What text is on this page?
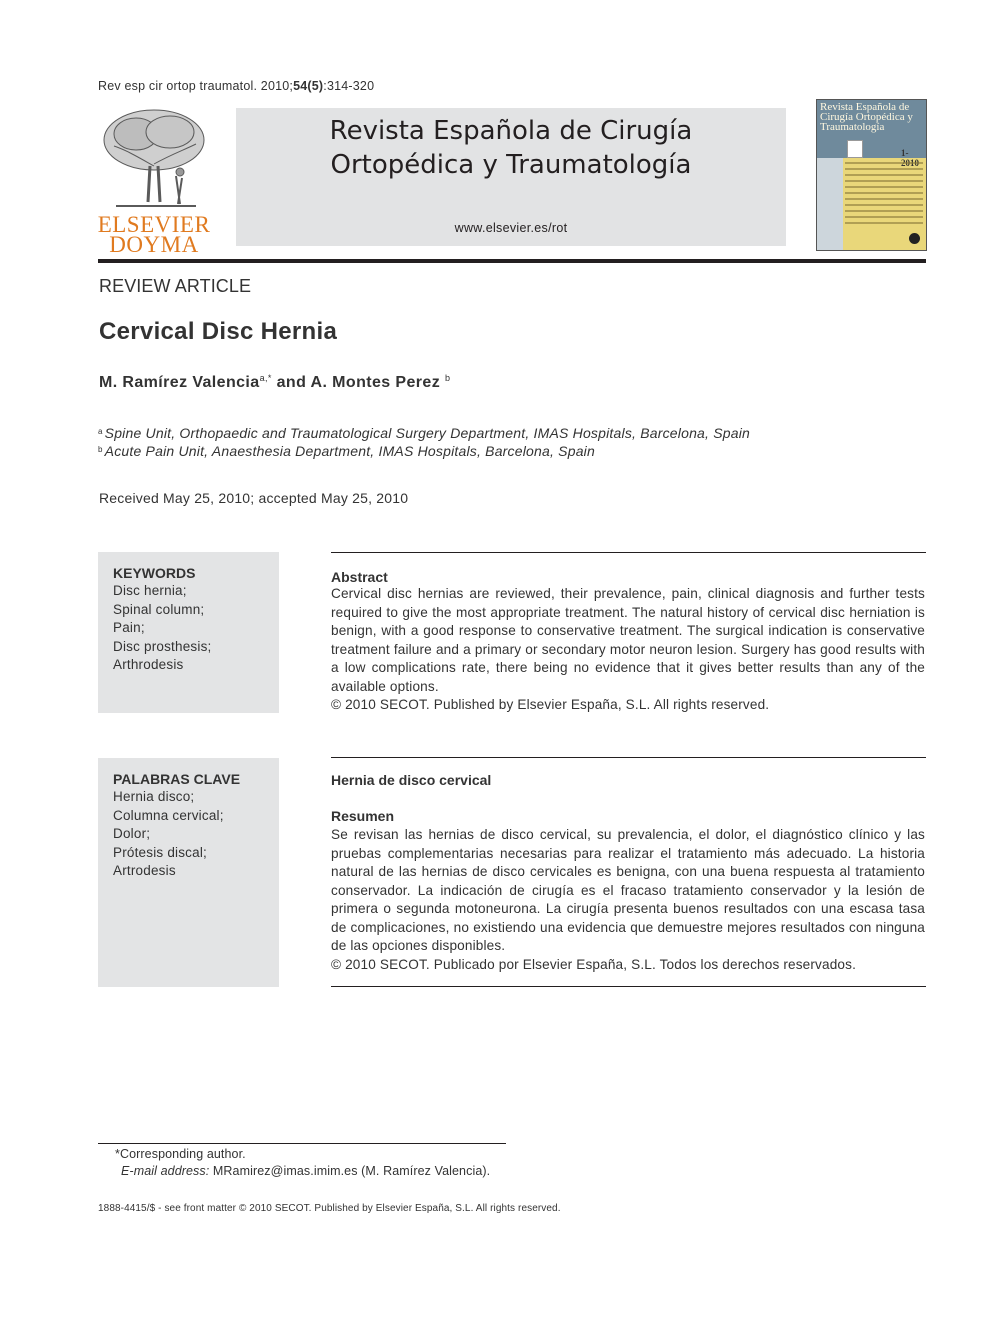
Rev esp cir ortop traumatol. 2010;54(5):314-320
ELSEVIER
DOYMA
Revista Española de Cirugía
Ortopédica y Traumatología
www.elsevier.es/rot
Revista Española de Cirugía Ortopédica y Traumatología
1-
REVIEW ARTICLE
Cervical Disc Hernia
M. Ramírez Valencia$^{a,*}$ and A. Montes Perez $^b$
$^a$ Spine Unit, Orthopaedic and Traumatological Surgery Department, IMAS Hospitals, Barcelona, Spain
$^b$ Acute Pain Unit, Anaesthesia Department, IMAS Hospitals, Barcelona, Spain
Received May 25, 2010; accepted May 25, 2010
KEYWORDS
Disc hernia;
Spinal column;
Pain;
Disc prosthesis;
Arthrodesis
Abstract
Cervical disc hernias are reviewed, their prevalence, pain, clinical diagnosis and further tests required to give the most appropriate treatment. The natural history of cervical disc herniation is benign, with a good response to conservative treatment. The surgical indication is conservative treatment failure and a primary or secondary motor neuron lesion. Surgery has good results with a low complications rate, there being no evidence that it gives better results than any of the available options.
© 2010 SECOT. Published by Elsevier España, S.L. All rights reserved.
PALABRAS CLAVE
Hernia disco;
Columna cervical;
Dolor;
Prótesis discal;
Artrodesis
Hernia de disco cervical
Resumen
Se revisan las hernias de disco cervical, su prevalencia, el dolor, el diagnóstico clínico y las pruebas complementarias necesarias para realizar el tratamiento más adecuado. La historia natural de las hernias de disco cervicales es benigna, con una buena respuesta al tratamiento conservador. La indicación de cirugía es el fracaso tratamiento conservador y la lesión de primera o segunda motoneurona. La cirugía presenta buenos resultados con una escasa tasa de complicaciones, no existiendo una evidencia que demuestre mejores resultados con ninguna de las opciones disponibles.
© 2010 SECOT. Publicado por Elsevier España, S.L. Todos los derechos reservados.
*Corresponding author.
E-mail address: MRamirez@imas.imim.es (M. Ramírez Valencia).
1888-4415/$ - see front matter © 2010 SECOT. Published by Elsevier España, S.L. All rights reserved.
